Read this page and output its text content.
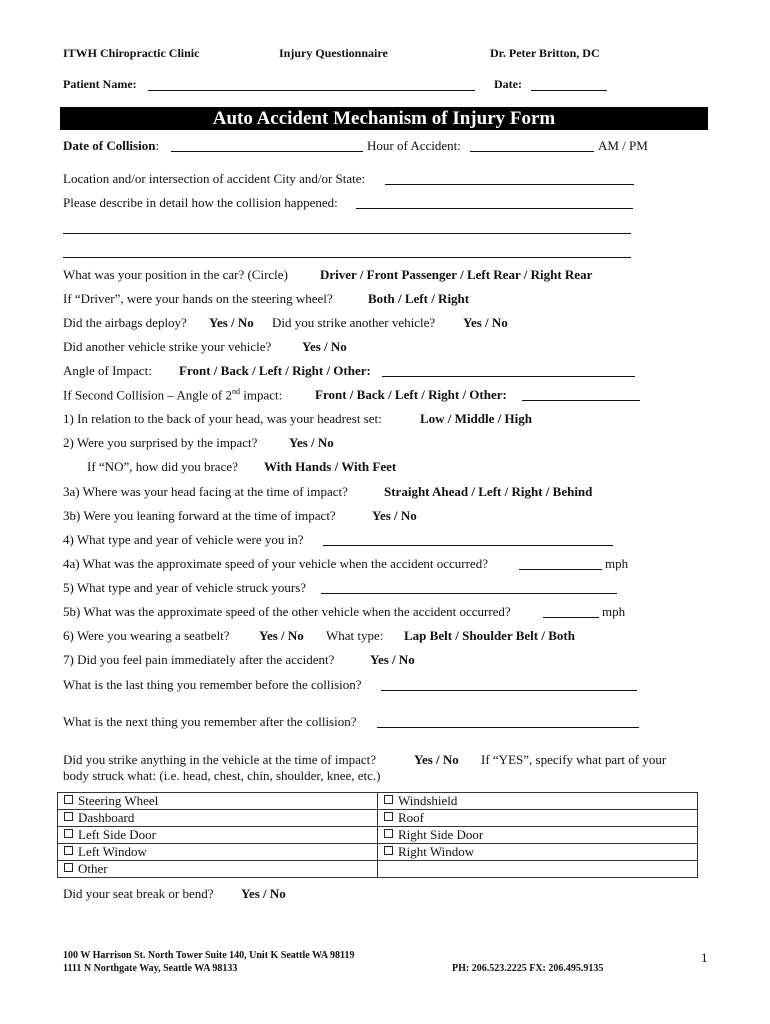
ITWH Chiropractic Clinic	Injury Questionnaire	Dr. Peter Britton, DC
Patient Name:	Date:
Auto Accident Mechanism of Injury Form
Date of Collision:	Hour of Accident:	AM / PM
Location and/or intersection of accident City and/or State:
Please describe in detail how the collision happened:
What was your position in the car? (Circle) Driver / Front Passenger / Left Rear / Right Rear
If “Driver”, were your hands on the steering wheel?	Both / Left / Right
Did the airbags deploy? Yes / No Did you strike another vehicle? Yes / No
Did another vehicle strike your vehicle? Yes / No
Angle of Impact: Front / Back / Left / Right / Other:
If Second Collision – Angle of 2nd impact:	Front / Back / Left / Right / Other:
1) In relation to the back of your head, was your headrest set:	Low / Middle / High
2) Were you surprised by the impact? Yes / No
If “NO”, how did you brace? With Hands / With Feet
3a) Where was your head facing at the time of impact?	Straight Ahead / Left / Right / Behind
3b) Were you leaning forward at the time of impact?	Yes / No
4) What type and year of vehicle were you in?
4a) What was the approximate speed of your vehicle when the accident occurred?	mph
5) What type and year of vehicle struck yours?
5b) What was the approximate speed of the other vehicle when the accident occurred?	mph
6) Were you wearing a seatbelt? Yes / No What type: Lap Belt / Shoulder Belt / Both
7) Did you feel pain immediately after the accident?	Yes / No
What is the last thing you remember before the collision?
What is the next thing you remember after the collision?
Did you strike anything in the vehicle at the time of impact?	Yes / No If “YES”, specify what part of your
body struck what: (i.e. head, chest, chin, shoulder, knee, etc.)
Steering Wheel	Windshield
Dashboard	Roof
Left Side Door	Right Side Door
Left Window	Right Window
Other	
Did your seat break or bend? Yes / No
100 W Harrison St. North Tower Suite 140, Unit K Seattle WA 98119
1111 N Northgate Way, Seattle WA 98133	PH: 206.523.2225 FX: 206.495.9135
1
